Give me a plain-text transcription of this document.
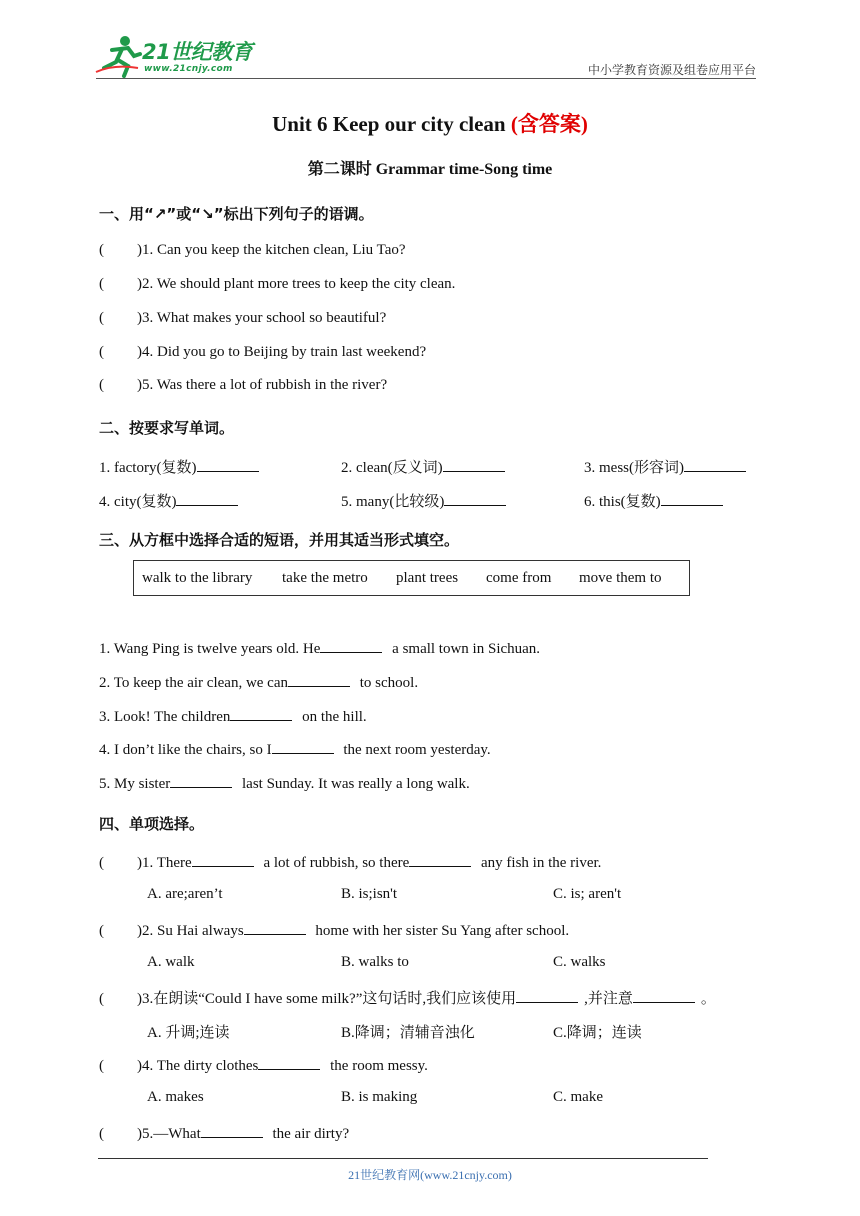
21世纪教育
www.21cnjy.com	中小学教育资源及组卷应用平台
Unit 6 Keep our city clean (含答案)
第二课时 Grammar time-Song time
一、用“↗”或“↘”标出下列句子的语调。
( )1. Can you keep the kitchen clean, Liu Tao?
( )2. We should plant more trees to keep the city clean.
( )3. What makes your school so beautiful?
( )4. Did you go to Beijing by train last weekend?
( )5. Was there a lot of rubbish in the river?
二、按要求写单词。
1. factory(复数)	2. clean(反义词)	3. mess(形容词)
4. city(复数)	5. many(比较级)	6. this(复数)
三、从方框中选择合适的短语，并用其适当形式填空。
walk to the library take the metro plant trees come from move them to
1. Wang Ping is twelve years old. He	a small town in Sichuan.
2. To keep the air clean, we can	to school.
3. Look! The children	on the hill.
4. I don’t like the chairs, so I	the next room yesterday.
5. My sister	last Sunday. It was really a long walk.
四、单项选择。
( )1. There	a lot of rubbish, so there	any fish in the river.
A. are;aren’t	B. is;isn't	C. is; aren't
( )2. Su Hai always	home with her sister Su Yang after school.
A. walk	B. walks to	C. walks
( )3.在朗读“Could I have some milk?”这句话时,我们应该使用	,并注意	。
A. 升调;连读	B.降调；清辅音浊化	C.降调；连读
( )4. The dirty clothes	the room messy.
A. makes	B. is making	C. make
( )5.—What	the air dirty?
21世纪教育网(www.21cnjy.com)
